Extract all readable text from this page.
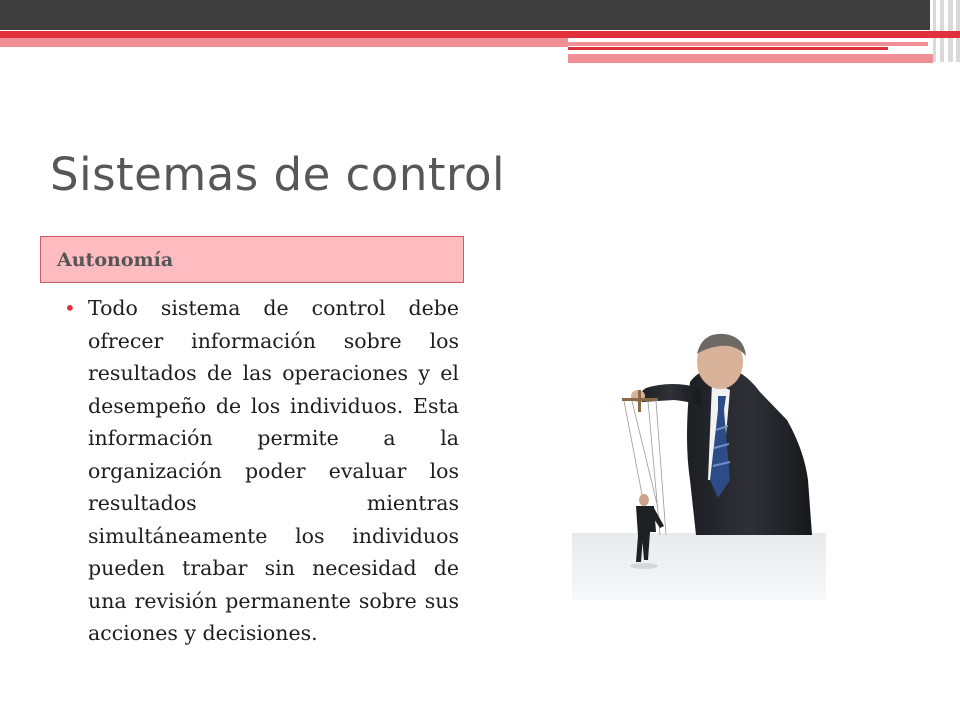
Sistemas de control
Autonomía
• Todo sistema de control debe ofrecer información sobre los resultados de las operaciones y el desempeño de los individuos. Esta información permite a la organización poder evaluar los resultados mientras simultáneamente los individuos pueden trabar sin necesidad de una revisión permanente sobre sus acciones y decisiones.
